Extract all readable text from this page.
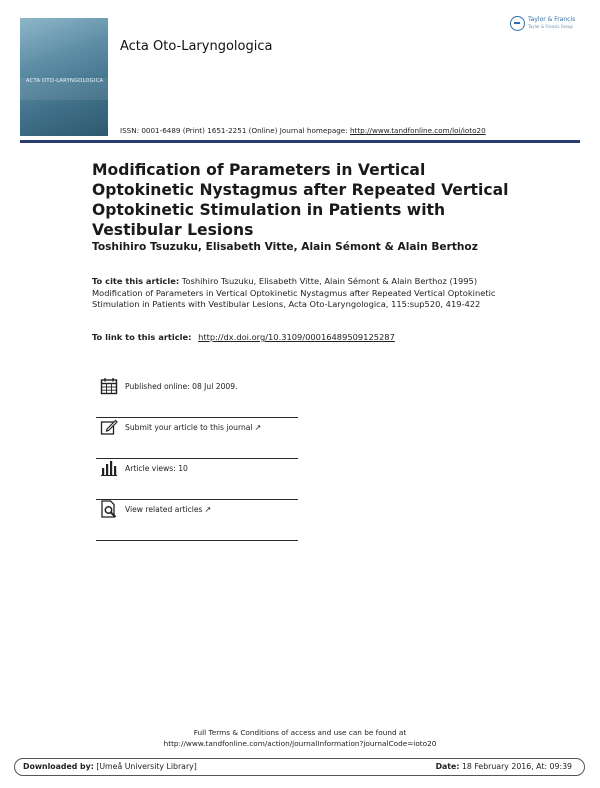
ACTA OTO-LARYNGOLOGICA
Acta Oto-Laryngologica
ISSN: 0001-6489 (Print) 1651-2251 (Online) Journal homepage: http://www.tandfonline.com/loi/ioto20
Taylor & Francis
Taylor & Francis Group
Modification of Parameters in Vertical Optokinetic Nystagmus after Repeated Vertical Optokinetic Stimulation in Patients with Vestibular Lesions
Toshihiro Tsuzuku, Elisabeth Vitte, Alain Sémont & Alain Berthoz
To cite this article: Toshihiro Tsuzuku, Elisabeth Vitte, Alain Sémont & Alain Berthoz (1995) Modification of Parameters in Vertical Optokinetic Nystagmus after Repeated Vertical Optokinetic Stimulation in Patients with Vestibular Lesions, Acta Oto-Laryngologica, 115:sup520, 419-422
To link to this article: http://dx.doi.org/10.3109/00016489509125287
Published online: 08 Jul 2009.
Submit your article to this journal ↗
Article views: 10
View related articles ↗
Full Terms & Conditions of access and use can be found at
http://www.tandfonline.com/action/journalInformation?journalCode=ioto20
Downloaded by: [Umeå University Library]	Date: 18 February 2016, At: 09:39
